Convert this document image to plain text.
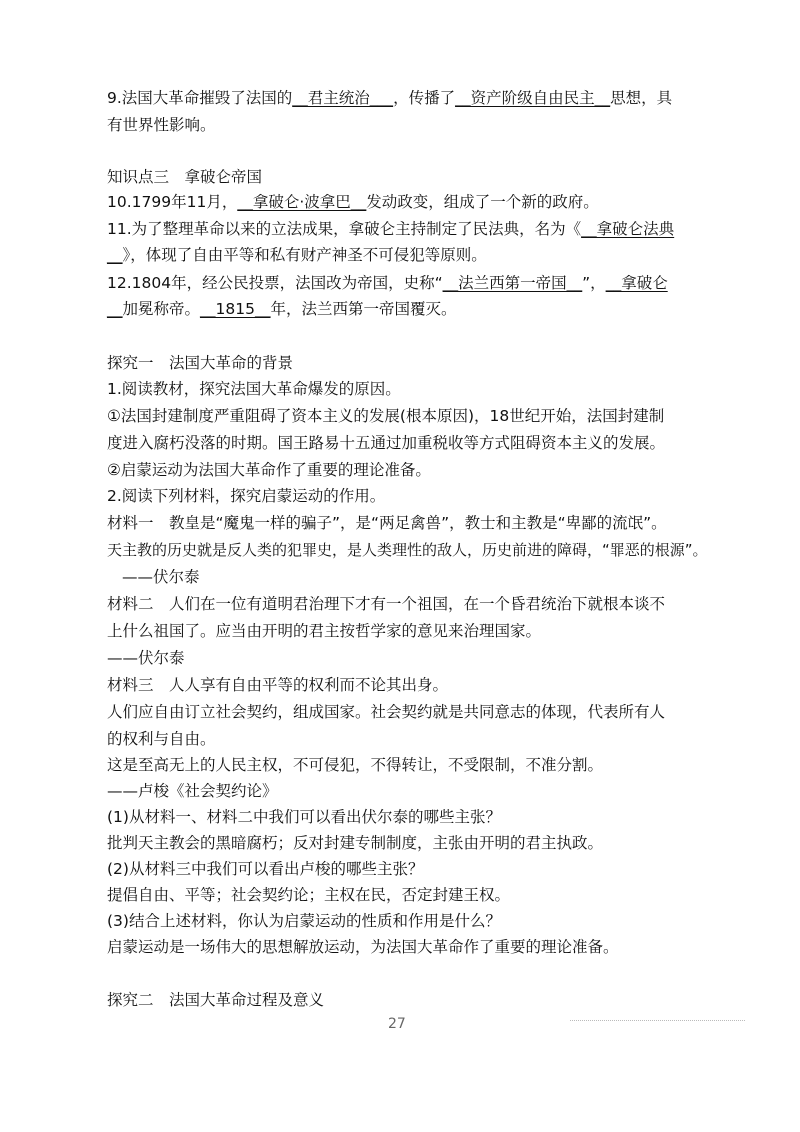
9.法国大革命摧毁了法国的__君主统治___，传播了__资产阶级自由民主__思想，具
有世界性影响。
知识点三　拿破仑帝国
10.1799年11月，__拿破仑·波拿巴__发动政变，组成了一个新的政府。
11.为了整理革命以来的立法成果，拿破仑主持制定了民法典，名为《__拿破仑法典
__》，体现了自由平等和私有财产神圣不可侵犯等原则。
12.1804年，经公民投票，法国改为帝国，史称“__法兰西第一帝国__”，__拿破仑
__加冕称帝。__1815__年，法兰西第一帝国覆灭。
探究一　法国大革命的背景
1.阅读教材，探究法国大革命爆发的原因。
①法国封建制度严重阻碍了资本主义的发展(根本原因)，18世纪开始，法国封建制
度进入腐朽没落的时期。国王路易十五通过加重税收等方式阻碍资本主义的发展。
②启蒙运动为法国大革命作了重要的理论准备。
2.阅读下列材料，探究启蒙运动的作用。
材料一　教皇是“魔鬼一样的骗子”，是“两足禽兽”，教士和主教是“卑鄙的流氓”。
天主教的历史就是反人类的犯罪史，是人类理性的敌人，历史前进的障碍，“罪恶的根源”。
——伏尔泰
材料二　人们在一位有道明君治理下才有一个祖国，在一个昏君统治下就根本谈不
上什么祖国了。应当由开明的君主按哲学家的意见来治理国家。
——伏尔泰
材料三　人人享有自由平等的权利而不论其出身。
人们应自由订立社会契约，组成国家。社会契约就是共同意志的体现，代表所有人
的权利与自由。
这是至高无上的人民主权，不可侵犯，不得转让，不受限制，不准分割。
——卢梭《社会契约论》
(1)从材料一、材料二中我们可以看出伏尔泰的哪些主张？
批判天主教会的黑暗腐朽；反对封建专制制度，主张由开明的君主执政。
(2)从材料三中我们可以看出卢梭的哪些主张？
提倡自由、平等；社会契约论；主权在民，否定封建王权。
(3)结合上述材料，你认为启蒙运动的性质和作用是什么？
启蒙运动是一场伟大的思想解放运动，为法国大革命作了重要的理论准备。
探究二　法国大革命过程及意义
27
